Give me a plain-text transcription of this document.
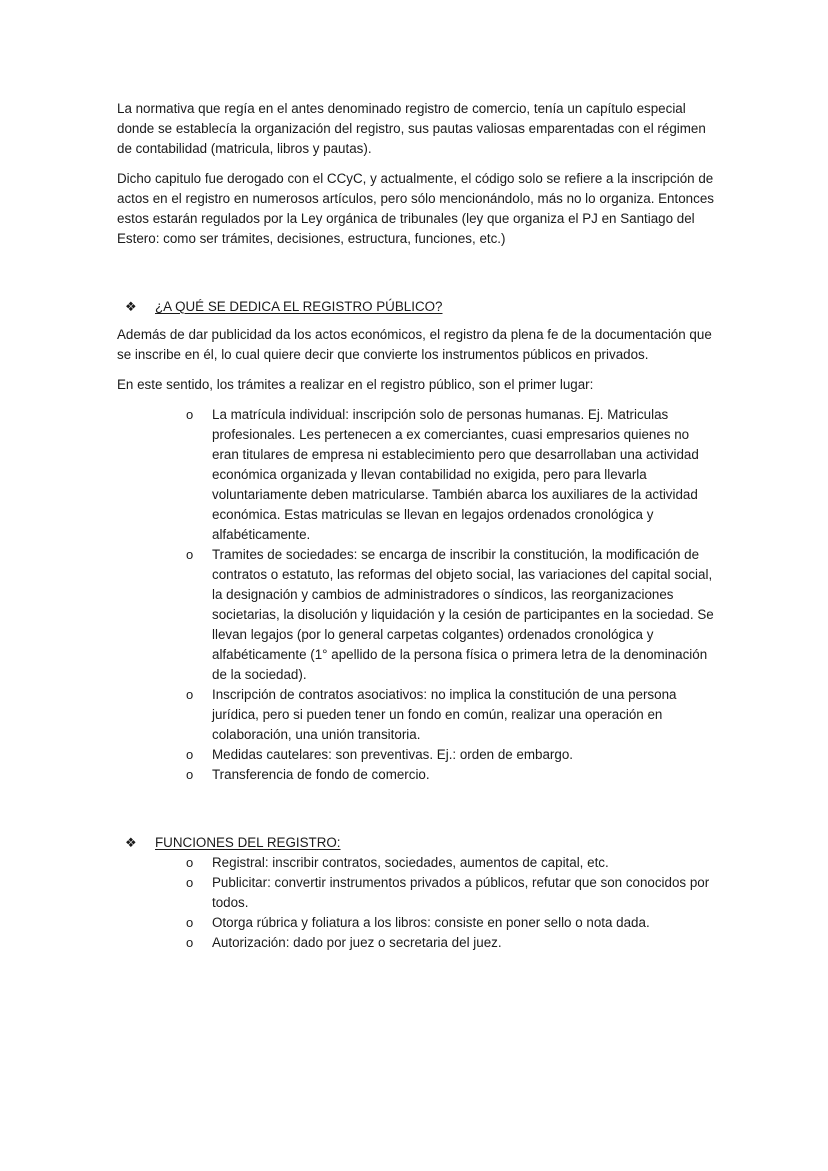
La normativa que regía en el antes denominado registro de comercio, tenía un capítulo especial donde se establecía la organización del registro, sus pautas valiosas emparentadas con el régimen de contabilidad (matricula, libros y pautas).

Dicho capitulo fue derogado con el CCyC, y actualmente, el código solo se refiere a la inscripción de actos en el registro en numerosos artículos, pero sólo mencionándolo, más no lo organiza. Entonces estos estarán regulados por la Ley orgánica de tribunales (ley que organiza el PJ en Santiago del Estero: como ser trámites, decisiones, estructura, funciones, etc.)

❖ ¿A QUÉ SE DEDICA EL REGISTRO PÚBLICO?

Además de dar publicidad da los actos económicos, el registro da plena fe de la documentación que se inscribe en él, lo cual quiere decir que convierte los instrumentos públicos en privados.

En este sentido, los trámites a realizar en el registro público, son el primer lugar:

o La matrícula individual: inscripción solo de personas humanas. Ej. Matriculas profesionales. Les pertenecen a ex comerciantes, cuasi empresarios quienes no eran titulares de empresa ni establecimiento pero que desarrollaban una actividad económica organizada y llevan contabilidad no exigida, pero para llevarla voluntariamente deben matricularse. También abarca los auxiliares de la actividad económica. Estas matriculas se llevan en legajos ordenados cronológica y alfabéticamente.
o Tramites de sociedades: se encarga de inscribir la constitución, la modificación de contratos o estatuto, las reformas del objeto social, las variaciones del capital social, la designación y cambios de administradores o síndicos, las reorganizaciones societarias, la disolución y liquidación y la cesión de participantes en la sociedad. Se llevan legajos (por lo general carpetas colgantes) ordenados cronológica y alfabéticamente (1° apellido de la persona física o primera letra de la denominación de la sociedad).
o Inscripción de contratos asociativos: no implica la constitución de una persona jurídica, pero si pueden tener un fondo en común, realizar una operación en colaboración, una unión transitoria.
o Medidas cautelares: son preventivas. Ej.: orden de embargo.
o Transferencia de fondo de comercio.
❖ FUNCIONES DEL REGISTRO:
o Registral: inscribir contratos, sociedades, aumentos de capital, etc.
o Publicitar: convertir instrumentos privados a públicos, refutar que son conocidos por todos.
o Otorga rúbrica y foliatura a los libros: consiste en poner sello o nota dada.
o Autorización: dado por juez o secretaria del juez.
